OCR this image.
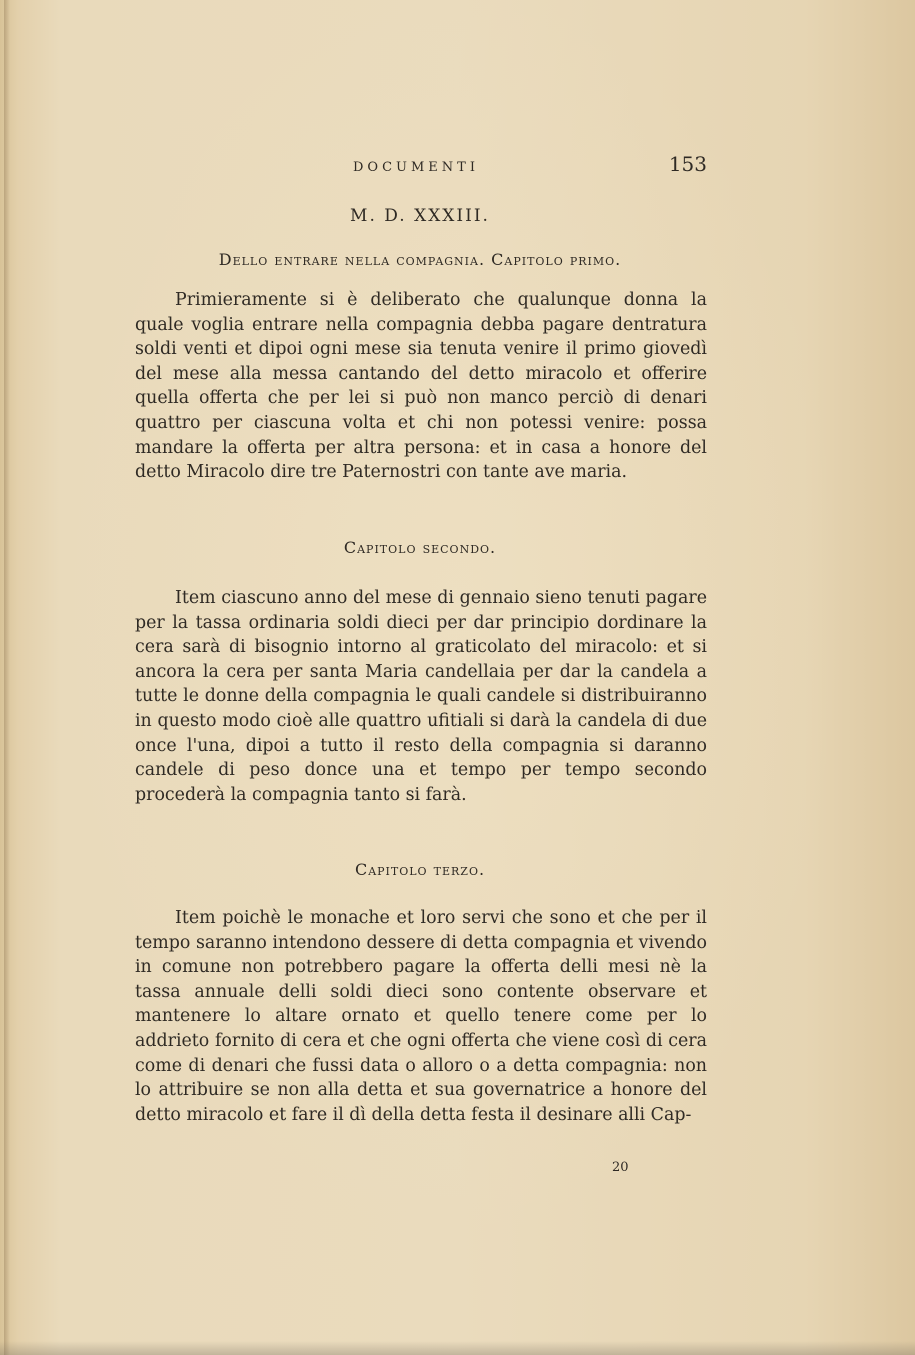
DOCUMENTI	153
M. D. XXXIII.
Dello entrare nella compagnia. Capitolo primo.

Primieramente si è deliberato che qualunque donna la quale voglia entrare nella compagnia debba pagare dentratura soldi venti et dipoi ogni mese sia tenuta venire il primo giovedì del mese alla messa cantando del detto miracolo et offerire quella offerta che per lei si può non manco perciò di denari quattro per ciascuna volta et chi non potessi venire: possa mandare la offerta per altra persona: et in casa a honore del detto Miracolo dire tre Paternostri con tante ave maria.

Capitolo secondo.

Item ciascuno anno del mese di gennaio sieno tenuti pagare per la tassa ordinaria soldi dieci per dar principio dordinare la cera sarà di bisognio intorno al graticolato del miracolo: et si ancora la cera per santa Maria candellaia per dar la candela a tutte le donne della compagnia le quali candele si distribuiranno in questo modo cioè alle quattro ufitiali si darà la candela di due once l'una, dipoi a tutto il resto della compagnia si daranno candele di peso donce una et tempo per tempo secondo procederà la compagnia tanto si farà.

Capitolo terzo.

Item poichè le monache et loro servi che sono et che per il tempo saranno intendono dessere di detta compagnia et vivendo in comune non potrebbero pagare la offerta delli mesi nè la tassa annuale delli soldi dieci sono contente observare et mantenere lo altare ornato et quello tenere come per lo addrieto fornito di cera et che ogni offerta che viene così di cera come di denari che fussi data o alloro o a detta compagnia: non lo attribuire se non alla detta et sua governatrice a honore del detto miracolo et fare il dì della detta festa il desinare alli Cap-

20
